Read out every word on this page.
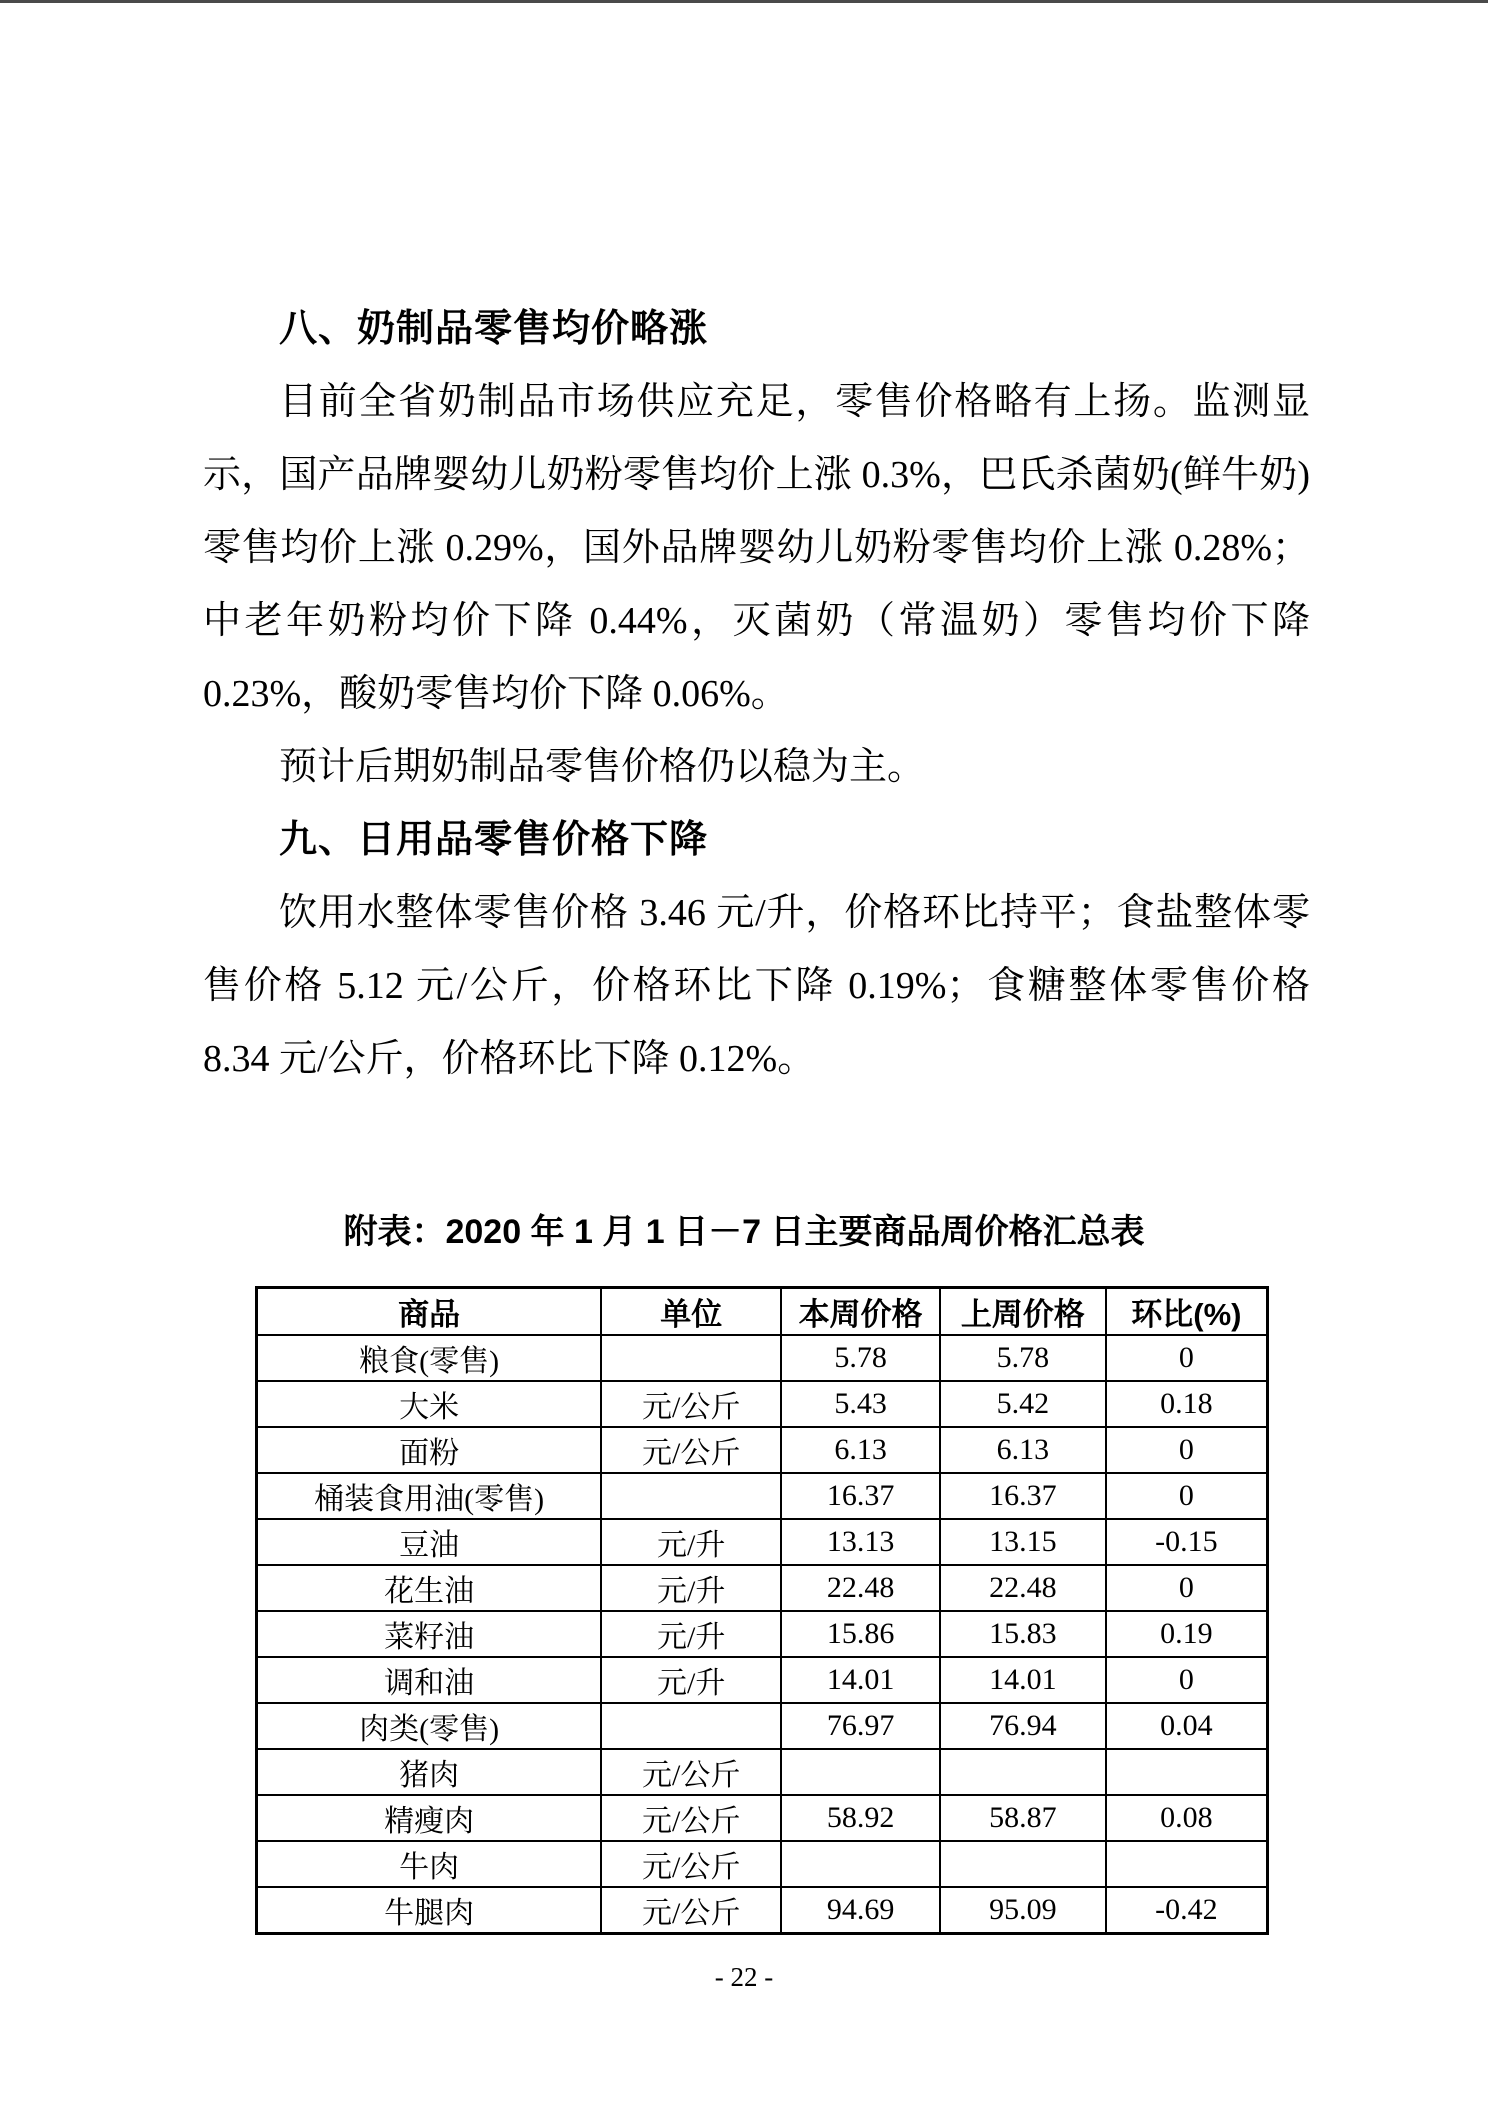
八、奶制品零售均价略涨

目前全省奶制品市场供应充足，零售价格略有上扬。监测显示，国产品牌婴幼儿奶粉零售均价上涨 0.3%，巴氏杀菌奶(鲜牛奶)零售均价上涨 0.29%，国外品牌婴幼儿奶粉零售均价上涨 0.28%；中老年奶粉均价下降 0.44%，灭菌奶（常温奶）零售均价下降 0.23%，酸奶零售均价下降 0.06%。

预计后期奶制品零售价格仍以稳为主。

九、日用品零售价格下降

饮用水整体零售价格 3.46 元/升，价格环比持平；食盐整体零售价格 5.12 元/公斤，价格环比下降 0.19%；食糖整体零售价格 8.34 元/公斤，价格环比下降 0.12%。

附表：2020 年 1 月 1 日－7 日主要商品周价格汇总表
商品	单位	本周价格	上周价格	环比(%)
粮食(零售)		5.78	5.78	0
大米	元/公斤	5.43	5.42	0.18
面粉	元/公斤	6.13	6.13	0
桶装食用油(零售)		16.37	16.37	0
豆油	元/升	13.13	13.15	-0.15
花生油	元/升	22.48	22.48	0
菜籽油	元/升	15.86	15.83	0.19
调和油	元/升	14.01	14.01	0
肉类(零售)		76.97	76.94	0.04
猪肉	元/公斤			
精瘦肉	元/公斤	58.92	58.87	0.08
牛肉	元/公斤			
牛腿肉	元/公斤	94.69	95.09	-0.42
- 22 -
